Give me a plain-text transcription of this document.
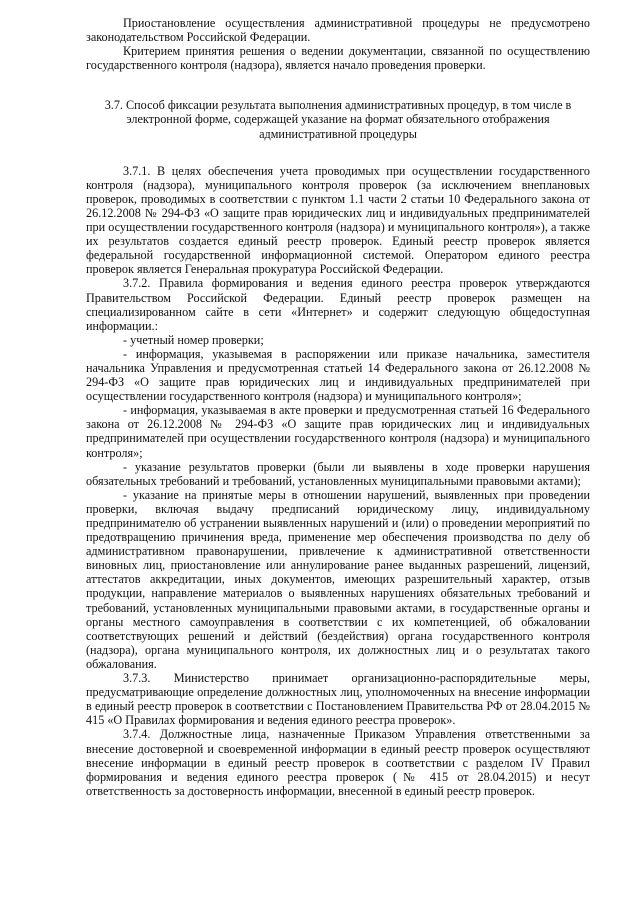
Приостановление осуществления административной процедуры не предусмотрено законодательством Российской Федерации.

Критерием принятия решения о ведении документации, связанной по осуществлению государственного контроля (надзора), является начало проведения проверки.

3.7. Способ фиксации результата выполнения административных процедур, в том числе в электронной форме, содержащей указание на формат обязательного отображения административной процедуры

3.7.1. В целях обеспечения учета проводимых при осуществлении государственного контроля (надзора), муниципального контроля проверок (за исключением внеплановых проверок, проводимых в соответствии с пунктом 1.1 части 2 статьи 10 Федерального закона от 26.12.2008 № 294-ФЗ «О защите прав юридических лиц и индивидуальных предпринимателей при осуществлении государственного контроля (надзора) и муниципального контроля»), а также их результатов создается единый реестр проверок. Единый реестр проверок является федеральной государственной информационной системой. Оператором единого реестра проверок является Генеральная прокуратура Российской Федерации.

3.7.2. Правила формирования и ведения единого реестра проверок утверждаются Правительством Российской Федерации. Единый реестр проверок размещен на специализированном сайте в сети «Интернет» и содержит следующую общедоступная информации.:

- учетный номер проверки;

- информация, указывемая в распоряжении или приказе начальника, заместителя начальника Управления и предусмотренная статьей 14 Федерального закона от 26.12.2008 № 294-ФЗ «О защите прав юридических лиц и индивидуальных предпринимателей при осуществлении государственного контроля (надзора) и муниципального контроля»;

- информация, указываемая в акте проверки и предусмотренная статьей 16 Федерального закона от 26.12.2008 № 294-ФЗ «О защите прав юридических лиц и индивидуальных предпринимателей при осуществлении государственного контроля (надзора) и муниципального контроля»;

- указание результатов проверки (были ли выявлены в ходе проверки нарушения обязательных требований и требований, установленных муниципальными правовыми актами);

- указание на принятые меры в отношении нарушений, выявленных при проведении проверки, включая выдачу предписаний юридическому лицу, индивидуальному предпринимателю об устранении выявленных нарушений и (или) о проведении мероприятий по предотвращению причинения вреда, применение мер обеспечения производства по делу об административном правонарушении, привлечение к административной ответственности виновных лиц, приостановление или аннулирование ранее выданных разрешений, лицензий, аттестатов аккредитации, иных документов, имеющих разрешительный характер, отзыв продукции, направление материалов о выявленных нарушениях обязательных требований и требований, установленных муниципальными правовыми актами, в государственные органы и органы местного самоуправления в соответствии с их компетенцией, об обжаловании соответствующих решений и действий (бездействия) органа государственного контроля (надзора), органа муниципального контроля, их должностных лиц и о результатах такого обжалования.

3.7.3. Министерство принимает организационно-распорядительные меры, предусматривающие определение должностных лиц, уполномоченных на внесение информации в единый реестр проверок в соответствии с Постановлением Правительства РФ от 28.04.2015 № 415 «О Правилах формирования и ведения единого реестра проверок».

3.7.4. Должностные лица, назначенные Приказом Управления ответственными за внесение достоверной и своевременной информации в единый реестр проверок осуществляют внесение информации в единый реестр проверок в соответствии с разделом IV Правил формирования и ведения единого реестра проверок (№ 415 от 28.04.2015) и несут ответственность за достоверность информации, внесенной в единый реестр проверок.
